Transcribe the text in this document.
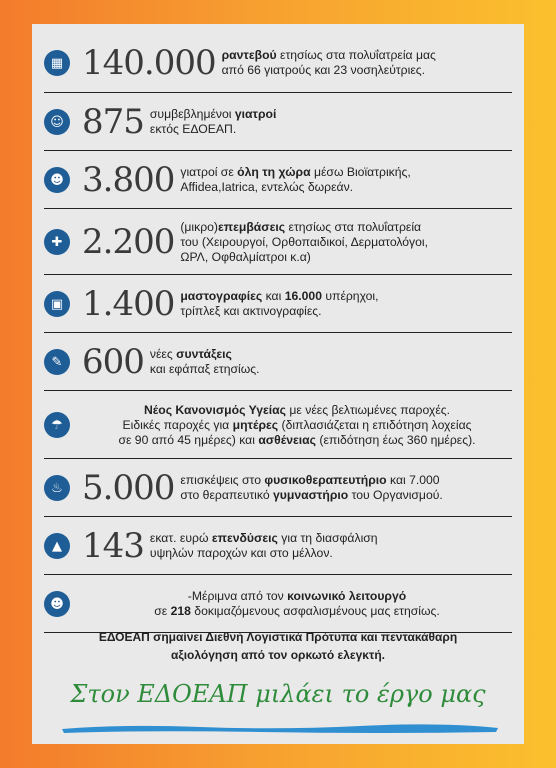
▦ 140.000 ραντεβού ετησίως στα πολυΐατρεία μας
από 66 γιατρούς και 23 νοσηλεύτριες.
☺ 875 συμβεβλημένοι γιατροί
εκτός ΕΔΟΕΑΠ.
☻ 3.800 γιατροί σε όλη τη χώρα μέσω Βιοϊατρικής,
Affidea,Iatrica, εντελώς δωρεάν.
✚ 2.200 (μικρο)επεμβάσεις ετησίως στα πολυΐατρεία
του (Χειρουργοί, Ορθοπαιδικοί, Δερματολόγοι,
ΩΡΛ, Οφθαλμίατροι κ.α)
▣ 1.400 μαστογραφίες και 16.000 υπέρηχοι,
τρίπλεξ και ακτινογραφίες.
✎ 600 νέες συντάξεις
και εφάπαξ ετησίως.
☂
Νέος Κανονισμός Υγείας με νέες βελτιωμένες παροχές.
Ειδικές παροχές για μητέρες (διπλασιάζεται η επιδότηση λοχείας
σε 90 από 45 ημέρες) και ασθένειας (επιδότηση έως 360 ημέρες).
♨ 5.000 επισκέψεις στο φυσικοθεραπευτήριο και 7.000
στο θεραπευτικό γυμναστήριο του Οργανισμού.
▲ 143 εκατ. ευρώ επενδύσεις για τη διασφάλιση
υψηλών παροχών και στο μέλλον.
☻
-Μέριμνα από τον κοινωνικό λειτουργό
σε 218 δοκιμαζόμενους ασφαλισμένους μας ετησίως.
ΕΔΟΕΑΠ σημαίνει Διεθνή Λογιστικά Πρότυπα και πεντακάθαρη
αξιολόγηση από τον ορκωτό ελεγκτή.
Στον ΕΔΟΕΑΠ μιλάει το έργο μας
